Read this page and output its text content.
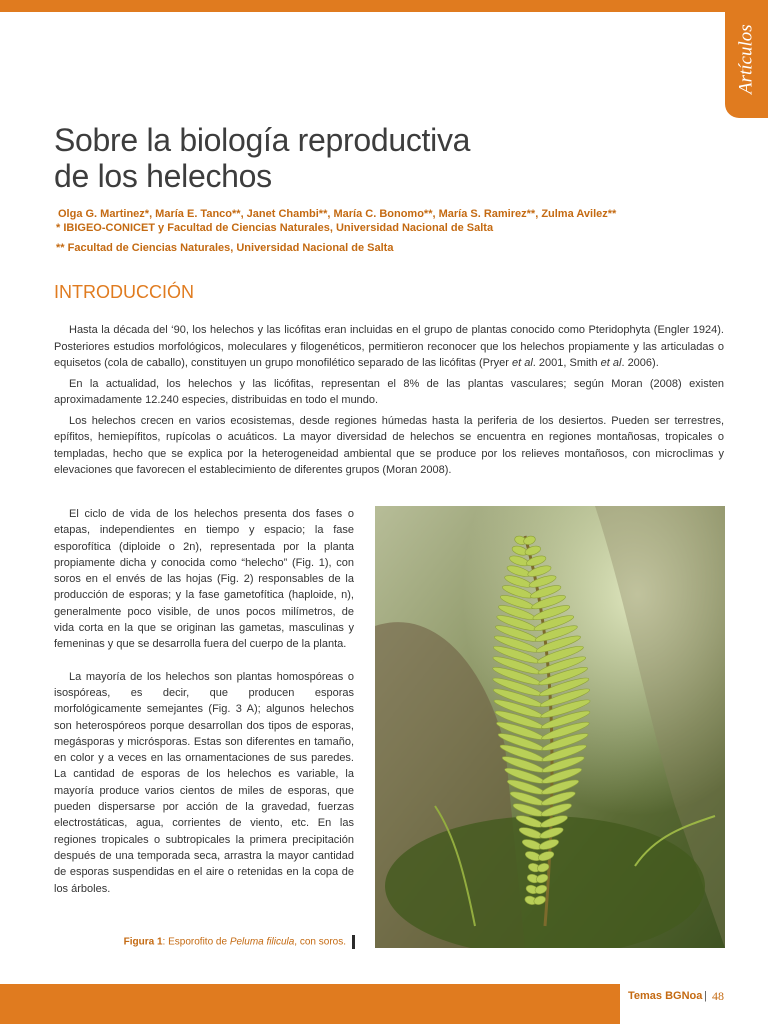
Artículos
Sobre la biología reproductiva
de los helechos
Olga G. Martinez*, María E. Tanco**, Janet Chambi**, María C. Bonomo**, María S. Ramirez**, Zulma Avilez**
* IBIGEO-CONICET y Facultad de Ciencias Naturales, Universidad Nacional de Salta
** Facultad de Ciencias Naturales, Universidad Nacional de Salta
INTRODUCCIÓN

Hasta la década del ‘90, los helechos y las licófitas eran incluidas en el grupo de plantas conocido como Pteridophyta (Engler 1924). Posteriores estudios morfológicos, moleculares y filogenéticos, permitieron reconocer que los helechos propiamente y las articuladas o equisetos (cola de caballo), constituyen un grupo monofilético separado de las licófitas (Pryer et al. 2001, Smith et al. 2006).

En la actualidad, los helechos y las licófitas, representan el 8% de las plantas vasculares; según Moran (2008) existen aproximadamente 12.240 especies, distribuidas en todo el mundo.

Los helechos crecen en varios ecosistemas, desde regiones húmedas hasta la periferia de los desiertos. Pueden ser terrestres, epífitos, hemiepífitos, rupícolas o acuáticos. La mayor diversidad de helechos se encuentra en regiones montañosas, tropicales o templadas, hecho que se explica por la heterogeneidad ambiental que se produce por los relieves montañosos, con microclimas y elevaciones que favorecen el establecimiento de diferentes grupos (Moran 2008).

El ciclo de vida de los helechos presenta dos fases o etapas, independientes en tiempo y espacio; la fase esporofítica (diploide o 2n), representada por la planta propiamente dicha y conocida como “helecho” (Fig. 1), con soros en el envés de las hojas (Fig. 2) responsables de la producción de esporas; y la fase gametofítica (haploide, n), generalmente poco visible, de unos pocos milímetros, de vida corta en la que se originan las gametas, masculinas y femeninas y que se desarrolla fuera del cuerpo de la planta.

La mayoría de los helechos son plantas homospóreas o isospóreas, es decir, que producen esporas morfológicamente semejantes (Fig. 3 A); algunos helechos son heterospóreos porque desarrollan dos tipos de esporas, megásporas y micrósporas. Estas son diferentes en tamaño, en color y a veces en las ornamentaciones de sus paredes. La cantidad de esporas de los helechos es variable, la mayoría produce varios cientos de miles de esporas, que pueden dispersarse por acción de la gravedad, fuerzas electrostáticas, agua, corrientes de viento, etc. En las regiones tropicales o subtropicales la primera precipitación después de una temporada seca, arrastra la mayor cantidad de esporas suspendidas en el aire o retenidas en la copa de los árboles.

Figura 1: Esporofito de Peluma filicula, con soros.
Temas BGNoa | 48
